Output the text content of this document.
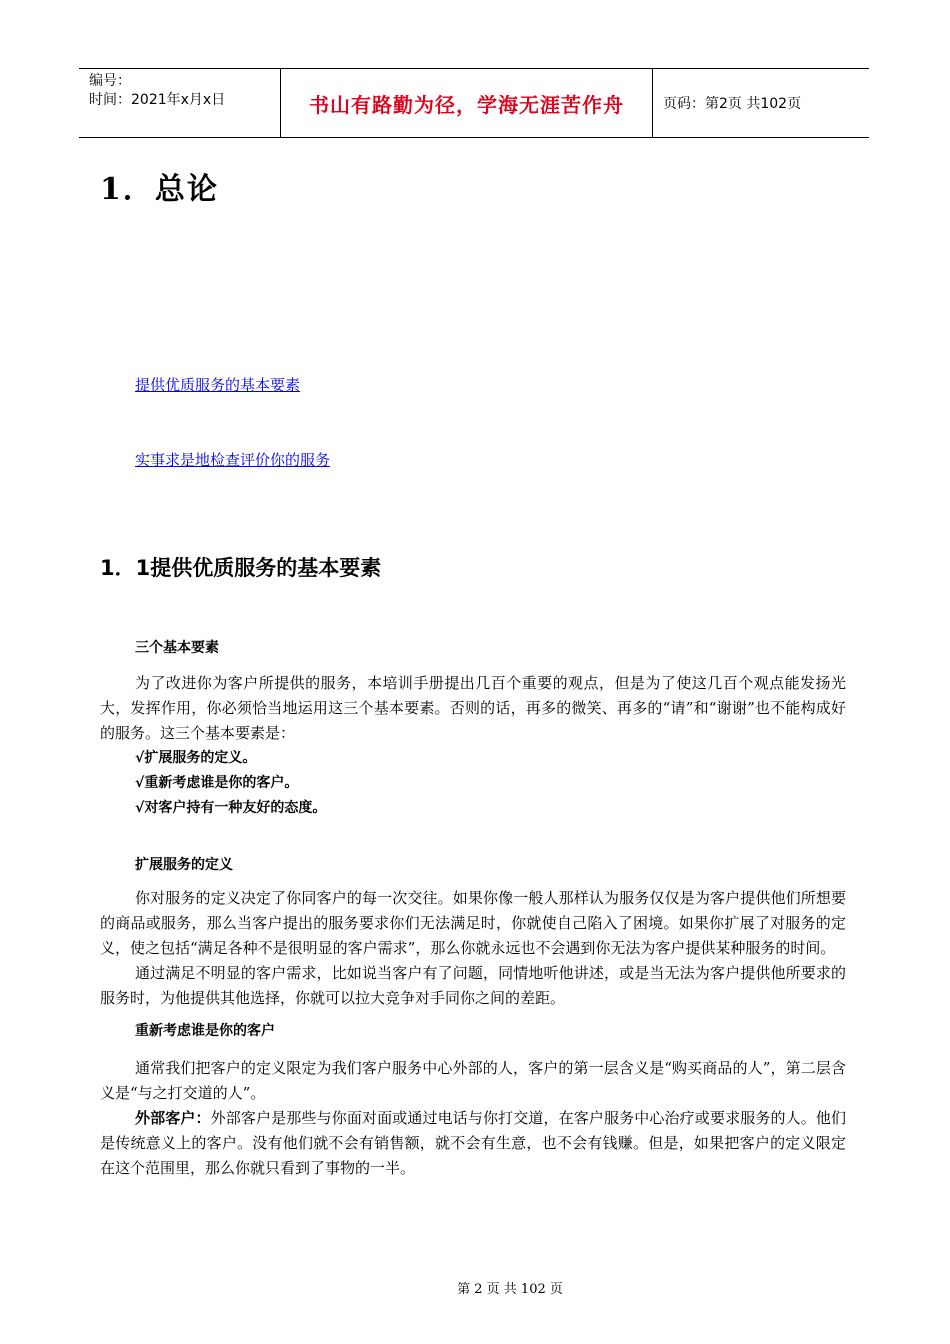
编号：
时间：2021年x月x日	书山有路勤为径，学海无涯苦作舟	页码：第2页 共102页
1．总论
提供优质服务的基本要素
实事求是地检查评价你的服务
1．1提供优质服务的基本要素

三个基本要素

为了改进你为客户所提供的服务，本培训手册提出几百个重要的观点，但是为了使这几百个观点能发扬光大，发挥作用，你必须恰当地运用这三个基本要素。否则的话，再多的微笑、再多的“请”和“谢谢”也不能构成好的服务。这三个基本要素是：

√扩展服务的定义。

√重新考虑谁是你的客户。

√对客户持有一种友好的态度。

扩展服务的定义

你对服务的定义决定了你同客户的每一次交往。如果你像一般人那样认为服务仅仅是为客户提供他们所想要的商品或服务，那么当客户提出的服务要求你们无法满足时，你就使自己陷入了困境。如果你扩展了对服务的定义，使之包括“满足各种不是很明显的客户需求”，那么你就永远也不会遇到你无法为客户提供某种服务的时间。

通过满足不明显的客户需求，比如说当客户有了问题，同情地听他讲述，或是当无法为客户提供他所要求的服务时，为他提供其他选择，你就可以拉大竞争对手同你之间的差距。

重新考虑谁是你的客户

通常我们把客户的定义限定为我们客户服务中心外部的人，客户的第一层含义是“购买商品的人”，第二层含义是“与之打交道的人”。

外部客户：外部客户是那些与你面对面或通过电话与你打交道，在客户服务中心治疗或要求服务的人。他们是传统意义上的客户。没有他们就不会有销售额，就不会有生意，也不会有钱赚。但是，如果把客户的定义限定在这个范围里，那么你就只看到了事物的一半。

第 2 页 共 102 页
